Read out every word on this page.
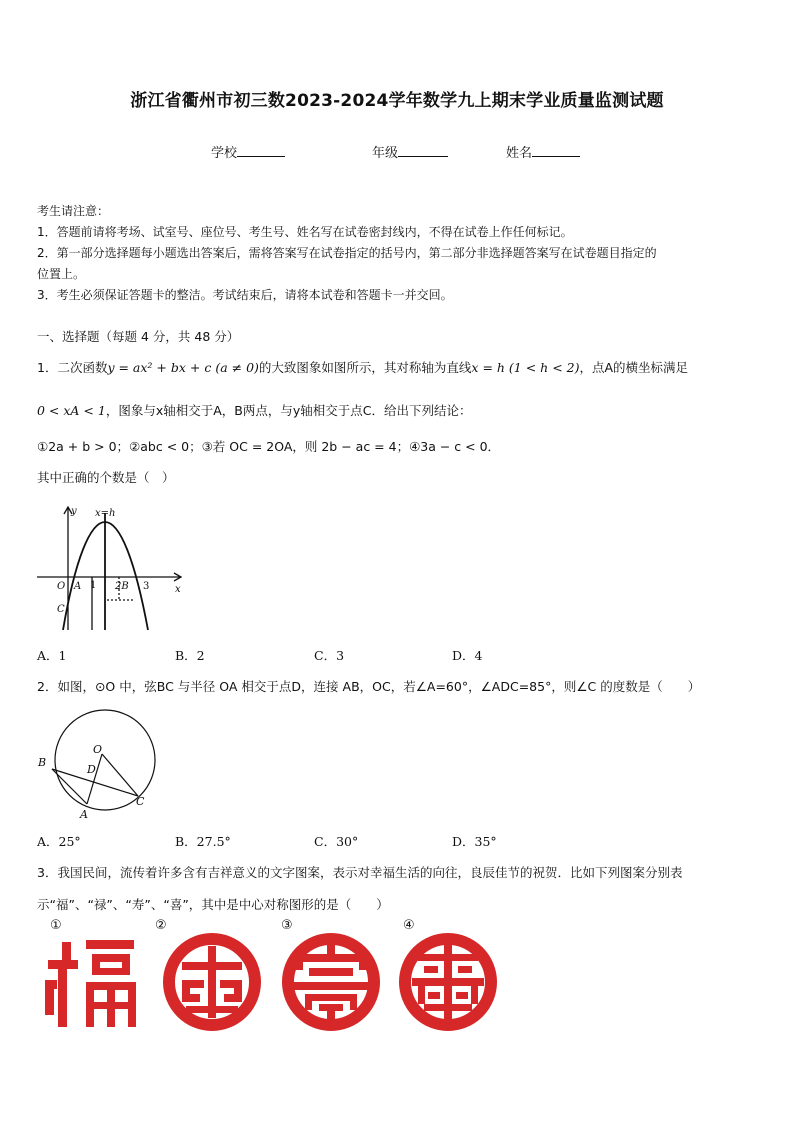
浙江省衢州市初三数2023-2024学年数学九上期末学业质量监测试题
学校	年级	姓名

考生请注意：

1．答题前请将考场、试室号、座位号、考生号、姓名写在试卷密封线内，不得在试卷上作任何标记。

2．第一部分选择题每小题选出答案后，需将答案写在试卷指定的括号内，第二部分非选择题答案写在试卷题目指定的

位置上。

3．考生必须保证答题卡的整洁。考试结束后，请将本试卷和答题卡一并交回。

一、选择题（每题 4 分，共 48 分）
1．二次函数y = ax² + bx + c (a ≠ 0)的大致图象如图所示，其对称轴为直线x = h (1 < h < 2)，点A的横坐标满足
0 < xA < 1，图象与x轴相交于A，B两点，与y轴相交于点C．给出下列结论：
①2a + b > 0；②abc < 0；③若 OC = 2OA，则 2b − ac = 4；④3a − c < 0．
其中正确的个数是（　）
y
x
x=h
O A 1 2B 3
C
A．1	B．2	C．3	D．4
2．如图，⊙O 中，弦BC 与半径 OA 相交于点D，连接 AB，OC，若∠A=60°，∠ADC=85°，则∠C 的度数是（　　）
O
B
D
A
C
A．25°	B．27.5°	C．30°	D．35°
3．我国民间，流传着许多含有吉祥意义的文字图案，表示对幸福生活的向往，良辰佳节的祝贺．比如下列图案分别表
示“福”、“禄”、“寿”、“喜”，其中是中心对称图形的是（　　）
①	②	③	④
